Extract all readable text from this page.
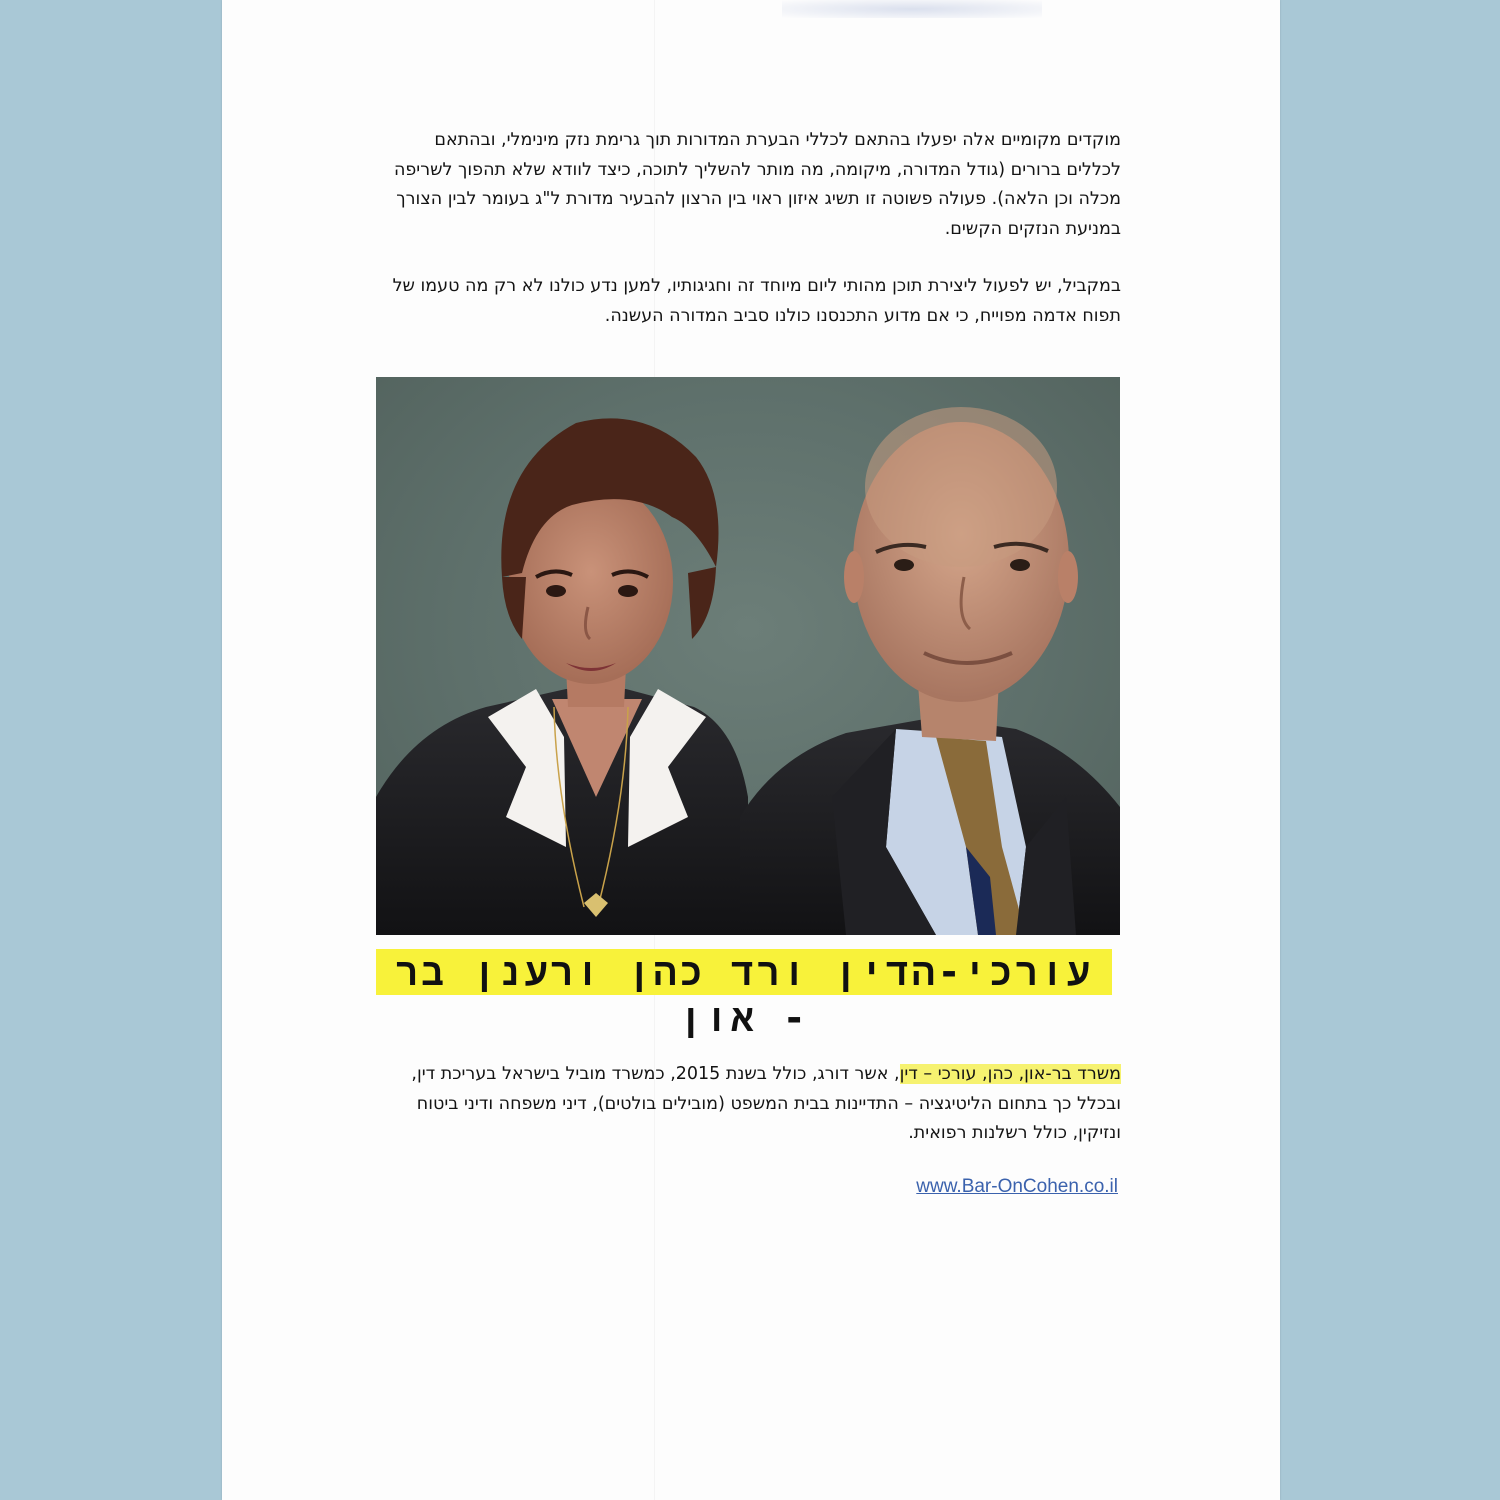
מוקדים מקומיים אלה יפעלו בהתאם לכללי הבערת המדורות תוך גרימת נזק מינימלי, ובהתאם לכללים ברורים (גודל המדורה, מיקומה, מה מותר להשליך לתוכה, כיצד לוודא שלא תהפוך לשריפה מכלה וכן הלאה). פעולה פשוטה זו תשיג איזון ראוי בין הרצון להבעיר מדורת ל"ג בעומר לבין הצורך במניעת הנזקים הקשים.

במקביל, יש לפעול ליצירת תוכן מהותי ליום מיוחד זה וחגיגותיו, למען נדע כולנו לא רק מה טעמו של תפוח אדמה מפוייח, כי אם מדוע התכנסנו כולנו סביב המדורה העשנה.

עורכי-הדין ורד כהן ורענן בר - און

משרד בר-און, כהן, עורכי – דין, אשר דורג, כולל בשנת 2015, כמשרד מוביל בישראל בעריכת דין, ובכלל כך בתחום הליטיגציה – התדיינות בבית המשפט (מובילים בולטים), דיני משפחה ודיני ביטוח ונזיקין, כולל רשלנות רפואית.

www.Bar-OnCohen.co.il
